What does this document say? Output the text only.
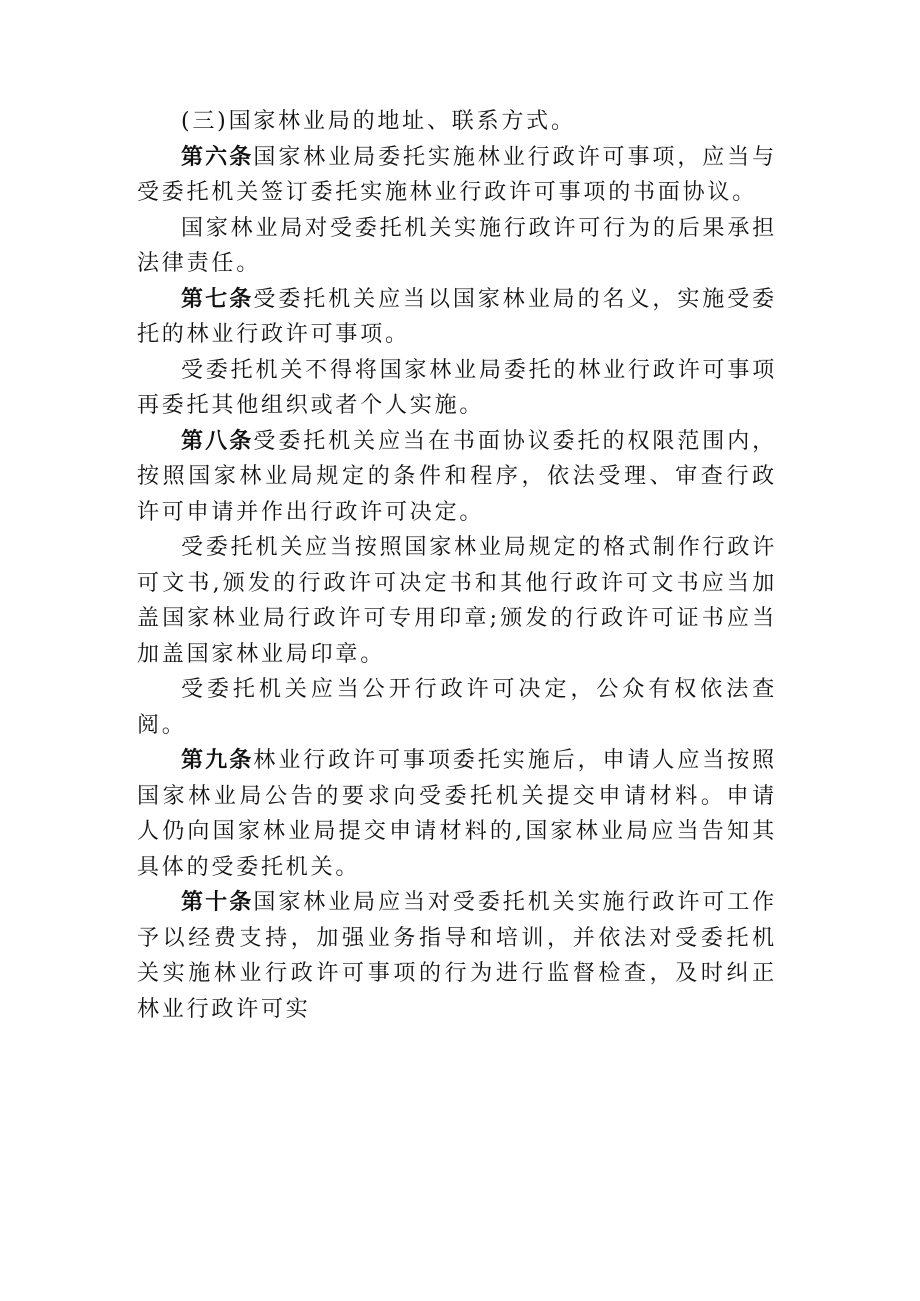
(三)国家林业局的地址、联系方式。

第六条国家林业局委托实施林业行政许可事项，应当与受委托机关签订委托实施林业行政许可事项的书面协议。

国家林业局对受委托机关实施行政许可行为的后果承担法律责任。

第七条受委托机关应当以国家林业局的名义，实施受委托的林业行政许可事项。

受委托机关不得将国家林业局委托的林业行政许可事项再委托其他组织或者个人实施。

第八条受委托机关应当在书面协议委托的权限范围内，按照国家林业局规定的条件和程序，依法受理、审查行政许可申请并作出行政许可决定。

受委托机关应当按照国家林业局规定的格式制作行政许可文书,颁发的行政许可决定书和其他行政许可文书应当加盖国家林业局行政许可专用印章;颁发的行政许可证书应当加盖国家林业局印章。

受委托机关应当公开行政许可决定，公众有权依法查阅。

第九条林业行政许可事项委托实施后，申请人应当按照国家林业局公告的要求向受委托机关提交申请材料。申请人仍向国家林业局提交申请材料的,国家林业局应当告知其具体的受委托机关。

第十条国家林业局应当对受委托机关实施行政许可工作予以经费支持，加强业务指导和培训，并依法对受委托机关实施林业行政许可事项的行为进行监督检查，及时纠正林业行政许可实
